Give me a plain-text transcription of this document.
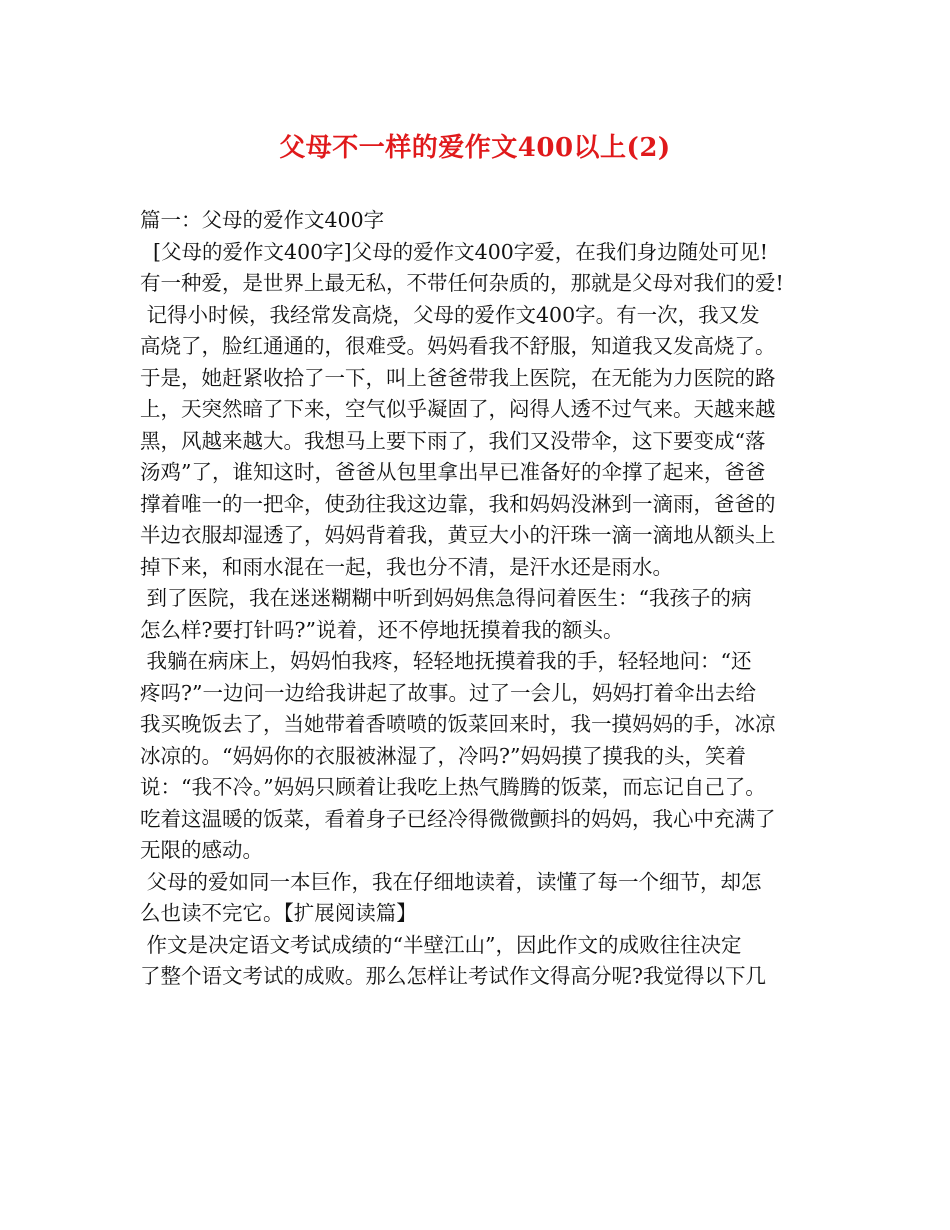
父母不一样的爱作文400以上(2)
篇一：父母的爱作文400字
[父母的爱作文400字]父母的爱作文400字爱，在我们身边随处可见!
有一种爱，是世界上最无私，不带任何杂质的，那就是父母对我们的爱!
记得小时候，我经常发高烧，父母的爱作文400字。有一次，我又发
高烧了，脸红通通的，很难受。妈妈看我不舒服，知道我又发高烧了。
于是，她赶紧收拾了一下，叫上爸爸带我上医院，在无能为力医院的路
上，天突然暗了下来，空气似乎凝固了，闷得人透不过气来。天越来越
黑，风越来越大。我想马上要下雨了，我们又没带伞，这下要变成“落
汤鸡”了，谁知这时，爸爸从包里拿出早已准备好的伞撑了起来，爸爸
撑着唯一的一把伞，使劲往我这边靠，我和妈妈没淋到一滴雨，爸爸的
半边衣服却湿透了，妈妈背着我，黄豆大小的汗珠一滴一滴地从额头上
掉下来，和雨水混在一起，我也分不清，是汗水还是雨水。
到了医院，我在迷迷糊糊中听到妈妈焦急得问着医生：“我孩子的病
怎么样?要打针吗?”说着，还不停地抚摸着我的额头。
我躺在病床上，妈妈怕我疼，轻轻地抚摸着我的手，轻轻地问：“还
疼吗?”一边问一边给我讲起了故事。过了一会儿，妈妈打着伞出去给
我买晚饭去了，当她带着香喷喷的饭菜回来时，我一摸妈妈的手，冰凉
冰凉的。“妈妈你的衣服被淋湿了，冷吗?”妈妈摸了摸我的头，笑着
说：“我不冷。”妈妈只顾着让我吃上热气腾腾的饭菜，而忘记自己了。
吃着这温暖的饭菜，看着身子已经冷得微微颤抖的妈妈，我心中充满了
无限的感动。
父母的爱如同一本巨作，我在仔细地读着，读懂了每一个细节，却怎
么也读不完它。【扩展阅读篇】
作文是决定语文考试成绩的“半壁江山”，因此作文的成败往往决定
了整个语文考试的成败。那么怎样让考试作文得高分呢?我觉得以下几
